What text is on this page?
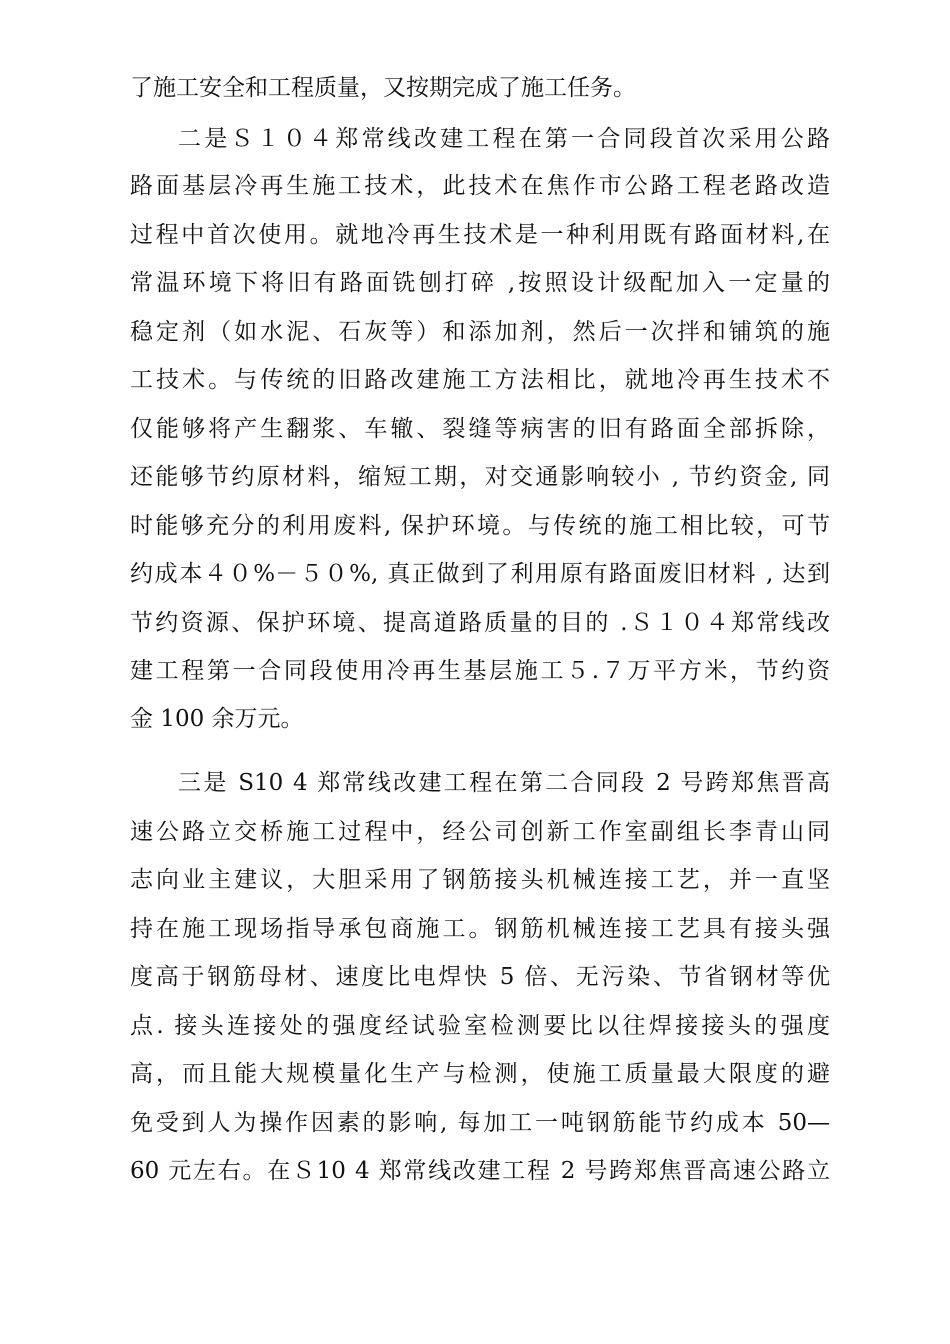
了施工安全和工程质量，又按期完成了施工任务。
二是Ｓ１０４郑常线改建工程在第一合同段首次采用公路
路面基层冷再生施工技术，此技术在焦作市公路工程老路改造
过程中首次使用。就地冷再生技术是一种利用既有路面材料,在
常温环境下将旧有路面铣刨打碎 ,按照设计级配加入一定量的
稳定剂（如水泥、石灰等）和添加剂，然后一次拌和铺筑的施
工技术。与传统的旧路改建施工方法相比，就地冷再生技术不
仅能够将产生翻浆、车辙、裂缝等病害的旧有路面全部拆除，
还能够节约原材料，缩短工期，对交通影响较小 , 节约资金, 同
时能够充分的利用废料, 保护环境。与传统的施工相比较，可节
约成本４０%－５０%, 真正做到了利用原有路面废旧材料 , 达到
节约资源、保护环境、提高道路质量的目的 .Ｓ１０４郑常线改
建工程第一合同段使用冷再生基层施工５.７万平方米，节约资
金 100 余万元。
三是 S10 4 郑常线改建工程在第二合同段 2 号跨郑焦晋高
速公路立交桥施工过程中，经公司创新工作室副组长李青山同
志向业主建议，大胆采用了钢筋接头机械连接工艺，并一直坚
持在施工现场指导承包商施工。钢筋机械连接工艺具有接头强
度高于钢筋母材、速度比电焊快 5 倍、无污染、节省钢材等优
点. 接头连接处的强度经试验室检测要比以往焊接接头的强度
高，而且能大规模量化生产与检测，使施工质量最大限度的避
免受到人为操作因素的影响, 每加工一吨钢筋能节约成本 50—
60 元左右。在Ｓ10 4 郑常线改建工程 2 号跨郑焦晋高速公路立
